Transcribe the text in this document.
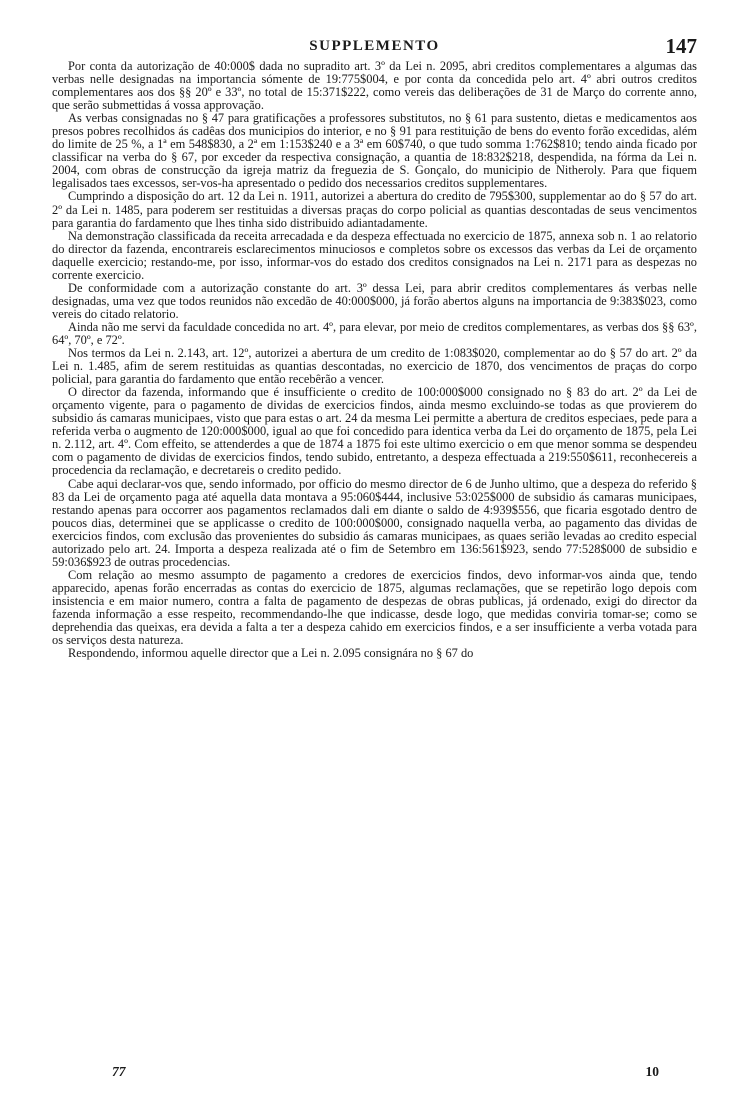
SUPPLEMENTO	147

Por conta da autorização de 40:000$ dada no supradito art. 3º da Lei n. 2095, abri creditos complementares a algumas das verbas nelle designadas na importancia sómente de 19:775$004, e por conta da concedida pelo art. 4º abri outros creditos complementares aos dos §§ 20º e 33º, no total de 15:371$222, como vereis das deliberações de 31 de Março do corrente anno, que serão submettidas á vossa approvação.

As verbas consignadas no § 47 para gratificações a professores substitutos, no § 61 para sustento, dietas e medicamentos aos presos pobres recolhidos ás cadêas dos municipios do interior, e no § 91 para restituição de bens do evento forão excedidas, além do limite de 25 %, a 1ª em 548$830, a 2ª em 1:153$240 e a 3ª em 60$740, o que tudo somma 1:762$810; tendo ainda ficado por classificar na verba do § 67, por exceder da respectiva consignação, a quantia de 18:832$218, despendida, na fórma da Lei n. 2004, com obras de construcção da igreja matriz da freguezia de S. Gonçalo, do municipio de Nitheroly. Para que fiquem legalisados taes excessos, ser-vos-ha apresentado o pedido dos necessarios creditos supplementares.

Cumprindo a disposição do art. 12 da Lei n. 1911, autorizei a abertura do credito de 795$300, supplementar ao do § 57 do art. 2º da Lei n. 1485, para poderem ser restituidas a diversas praças do corpo policial as quantias descontadas de seus vencimentos para garantia do fardamento que lhes tinha sido distribuido adiantadamente.

Na demonstração classificada da receita arrecadada e da despeza effectuada no exercicio de 1875, annexa sob n. 1 ao relatorio do director da fazenda, encontrareis esclarecimentos minuciosos e completos sobre os excessos das verbas da Lei de orçamento daquelle exercicio; restando-me, por isso, informar-vos do estado dos creditos consignados na Lei n. 2171 para as despezas no corrente exercicio.

De conformidade com a autorização constante do art. 3º dessa Lei, para abrir creditos complementares ás verbas nelle designadas, uma vez que todos reunidos não excedão de 40:000$000, já forão abertos alguns na importancia de 9:383$023, como vereis do citado relatorio.

Ainda não me servi da faculdade concedida no art. 4º, para elevar, por meio de creditos complementares, as verbas dos §§ 63º, 64º, 70º, e 72º.

Nos termos da Lei n. 2.143, art. 12º, autorizei a abertura de um credito de 1:083$020, complementar ao do § 57 do art. 2º da Lei n. 1.485, afim de serem restituidas as quantias descontadas, no exercicio de 1870, dos vencimentos de praças do corpo policial, para garantia do fardamento que então recebêrão a vencer.

O director da fazenda, informando que é insufficiente o credito de 100:000$000 consignado no § 83 do art. 2º da Lei de orçamento vigente, para o pagamento de dividas de exercicios findos, ainda mesmo excluindo-se todas as que provierem do subsidio ás camaras municipaes, visto que para estas o art. 24 da mesma Lei permitte a abertura de creditos especiaes, pede para a referida verba o augmento de 120:000$000, igual ao que foi concedido para identica verba da Lei do orçamento de 1875, pela Lei n. 2.112, art. 4º. Com effeito, se attenderdes a que de 1874 a 1875 foi este ultimo exercicio o em que menor somma se despendeu com o pagamento de dividas de exercicios findos, tendo subido, entretanto, a despeza effectuada a 219:550$611, reconhecereis a procedencia da reclamação, e decretareis o credito pedido.

Cabe aqui declarar-vos que, sendo informado, por officio do mesmo director de 6 de Junho ultimo, que a despeza do referido § 83 da Lei de orçamento paga até aquella data montava a 95:060$444, inclusive 53:025$000 de subsidio ás camaras municipaes, restando apenas para occorrer aos pagamentos reclamados dali em diante o saldo de 4:939$556, que ficaria esgotado dentro de poucos dias, determinei que se applicasse o credito de 100:000$000, consignado naquella verba, ao pagamento das dividas de exercicios findos, com exclusão das provenientes do subsidio ás camaras municipaes, as quaes serião levadas ao credito especial autorizado pelo art. 24. Importa a despeza realizada até o fim de Setembro em 136:561$923, sendo 77:528$000 de subsidio e 59:036$923 de outras procedencias.

Com relação ao mesmo assumpto de pagamento a credores de exercicios findos, devo informar-vos ainda que, tendo apparecido, apenas forão encerradas as contas do exercicio de 1875, algumas reclamações, que se repetirão logo depois com insistencia e em maior numero, contra a falta de pagamento de despezas de obras publicas, já ordenado, exigi do director da fazenda informação a esse respeito, recommendando-lhe que indicasse, desde logo, que medidas conviria tomar-se; como se deprehendia das queixas, era devida a falta a ter a despeza cahido em exercicios findos, e a ser insufficiente a verba votada para os serviços desta natureza.

Respondendo, informou aquelle director que a Lei n. 2.095 consignára no § 67 do

77	10
